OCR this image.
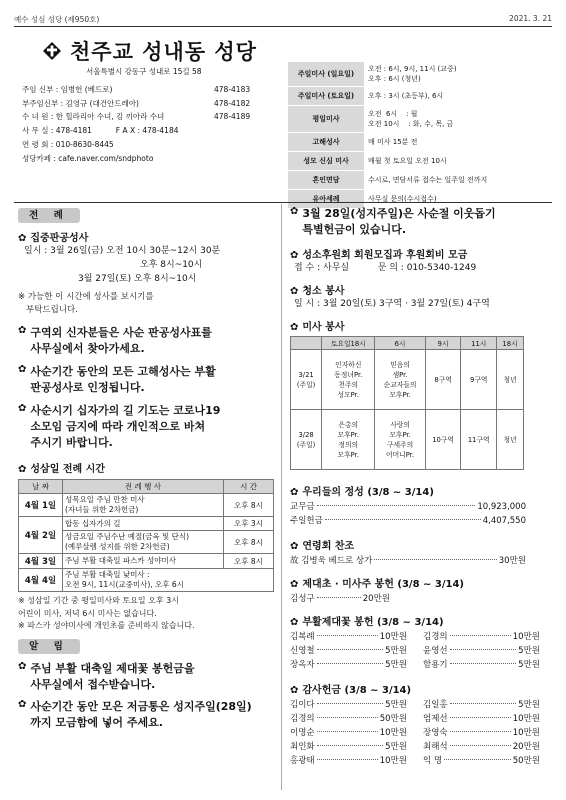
예수 성심 성당 (제950호)	2021. 3. 21
천주교 성내동 성당
서울특별시 강동구 성내로 15길 58
주임 신부 : 임병헌 (베드로)	478-4183
부주임신부 : 김영규 (대건안드레아)	478-4182
수 녀 원 : 한 힐라리아 수녀, 김 끼아라 수녀	478-4189
사 무 실 : 478-4181          F A X : 478-4184
연 령 회 : 010-8630-8445
성당카페 : cafe.naver.com/sndphoto
주일미사 (일요일)	오전 : 6시, 9시, 11시 (교중)
오후 : 6시 (청년)
주일미사 (토요일)	오후 : 3시 (초등부), 6시
평일미사	오전  6시    : 월
오전 10시    : 화, 수, 목, 금
고해성사	매 미사 15분 전
성모 신심 미사	매월 첫 토요일 오전 10시
혼인면담	수시로, 면담서류 접수는 일주일 전까지
유아세례	사무실 문의(수시접수)
전 례
✿ 집중판공성사
일시 : 3월 26일(금) 오전 10시 30분~12시 30분
오후 8시~10시
3월 27일(토) 오후 8시~10시
※ 가능한 이 시간에 성사를 보시기를
부탁드립니다.
✿ 구역외 신자분들은 사순 판공성사표를
사무실에서 찾아가세요.
✿ 사순기간 동안의 모든 고해성사는 부활
판공성사로 인정됩니다.
✿ 사순시기 십자가의 길 기도는 코로나19
소모임 금지에 따라 개인적으로 바쳐
주시기 바랍니다.
✿ 성삼일 전례 시간
날 짜	전 례 행 사	시 간
4월 1일	성목요일 주님 만찬 미사
(자녀들 위한 2차헌금)	오후 8시
4월 2일	합동 십자가의 길	오후 3시
	성금요일 주님수난 예절(금육 및 단식)
(예루살렘 성지를 위한 2차헌금)	오후 8시
4월 3일	주님 부활 대축일 파스카 성야미사	오후 8시
4월 4일	주님 부활 대축일 낮미사 :
오전 9시, 11시(교중미사), 오후 6시	
※ 성삼일 기간 중 평일미사와 토요일 오후 3시
어린이 미사, 저녁 6시 미사는 없습니다.
※ 파스카 성야미사에 개인초를 준비하지 않습니다.
알 림
✿ 주님 부활 대축일 제대꽃 봉헌금을
사무실에서 접수받습니다.
✿ 사순기간 동안 모은 저금통은 성지주일(28일)
까지 모금함에 넣어 주세요.
✿ 3월 28일(성지주일)은 사순절 이웃돕기
특별헌금이 있습니다.
✿ 성소후원회 회원모집과 후원회비 모금
접 수 : 사무실          문 의 : 010-5340-1249
✿ 청소 봉사
일 시 : 3월 20일(토) 3구역 · 3월 27일(토) 4구역
✿ 미사 봉사
	토요일18시	6시	9시	11시	18시
3/21
(주일)	인자하신
동정녀Pr.
천주의
성모Pr.	믿음의
샘Pr.
순교자들의
모후Pr.	8구역	9구역	청년
3/28
(주일)	은총의
모후Pr.
정의의
모후Pr.	사랑의
모후Pr.
구세주의
어머니Pr.	10구역	11구역	청년
✿ 우리들의 정성 (3/8 ~ 3/14)
교무금	10,923,000
주일헌금	4,407,550
✿ 연령회 찬조
故 김병욱 베드로 상가	30만원
✿ 제대초 · 미사주 봉헌 (3/8 ~ 3/14)
김성구	20만원
✿ 부활제대꽃 봉헌 (3/8 ~ 3/14)
김복례	10만원 김경의	10만원
신영철	5만원 윤영선	5만원
장옥자	5만원 함용기	5만원
✿ 감사헌금 (3/8 ~ 3/14)
김이다	5만원 김일홍	5만원
김경의	50만원 엄제선	10만원
이명순	10만원 장영숙	10만원
최인화	5만원 최해석	20만원
홍광태	10만원 익 명	50만원
